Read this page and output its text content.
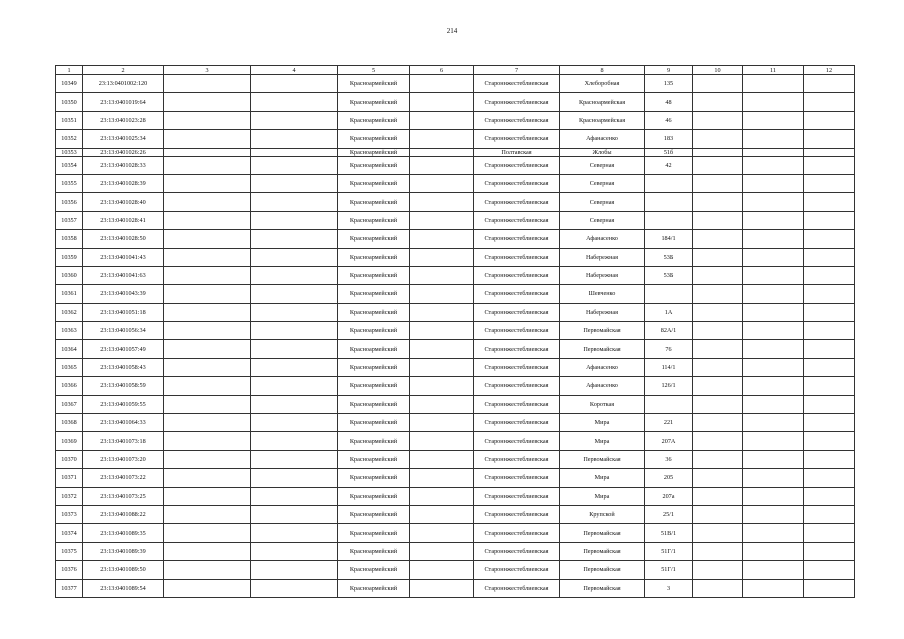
214
1	2	3	4	5	6	7	8	9	10	11	12
10349	23:13:0401002:120			Красноармейский		Староннжестеблиевская	Хлеборобная	135			
10350	23:13:0401019:64			Красноармейский		Староннжестеблиевская	Красноармейская	48			
10351	23:13:0401023:28			Красноармейский		Староннжестеблиевская	Красноармейская	46			
10352	23:13:0401025:34			Красноармейский		Староннжестеблиевская	Афанасенко	183			
10353	23:13:0401026:26			Красноармейский		Полтавская	Жлобы	51б			
10354	23:13:0401028:33			Красноармейский		Староннжестеблиевская	Северная	42			
10355	23:13:0401028:39			Красноармейский		Староннжестеблиевская	Северная				
10356	23:13:0401028:40			Красноармейский		Староннжестеблиевская	Северная				
10357	23:13:0401028:41			Красноармейский		Староннжестеблиевская	Северная				
10358	23:13:0401028:50			Красноармейский		Староннжестеблиевская	Афанасенко	184/1			
10359	23:13:0401041:43			Красноармейский		Староннжестеблиевская	Набережная	53Б			
10360	23:13:0401041:63			Красноармейский		Староннжестеблиевская	Набережная	53Б			
10361	23:13:0401043:39			Красноармейский		Староннжестеблиевская	Шевченко				
10362	23:13:0401051:18			Красноармейский		Староннжестеблиевская	Набережная	1А			
10363	23:13:0401056:34			Красноармейский		Староннжестеблиевская	Первомайская	82А/1			
10364	23:13:0401057:49			Красноармейский		Староннжестеблиевская	Первомайская	76			
10365	23:13:0401058:43			Красноармейский		Староннжестеблиевская	Афанасенко	114/1			
10366	23:13:0401058:59			Красноармейский		Староннжестеблиевская	Афанасенко	126/1			
10367	23:13:0401059:55			Красноармейский		Староннжестеблиевская	Короткая				
10368	23:13:0401064:33			Красноармейский		Староннжестеблиевская	Мира	221			
10369	23:13:0401073:18			Красноармейский		Староннжестеблиевская	Мира	207А			
10370	23:13:0401073:20			Красноармейский		Староннжестеблиевская	Первомайская	36			
10371	23:13:0401073:22			Красноармейский		Староннжестеблиевская	Мира	205			
10372	23:13:0401073:25			Красноармейский		Староннжестеблиевская	Мира	207а			
10373	23:13:0401088:22			Красноармейский		Староннжестеблиевская	Крупской	25/1			
10374	23:13:0401089:35			Красноармейский		Староннжестеблиевская	Первомайская	51В/1			
10375	23:13:0401089:39			Красноармейский		Староннжестеблиевская	Первомайская	51Г/1			
10376	23:13:0401089:50			Красноармейский		Староннжестеблиевская	Первомайская	51Г/1			
10377	23:13:0401089:54			Красноармейский		Староннжестеблиевская	Первомайская	3			
